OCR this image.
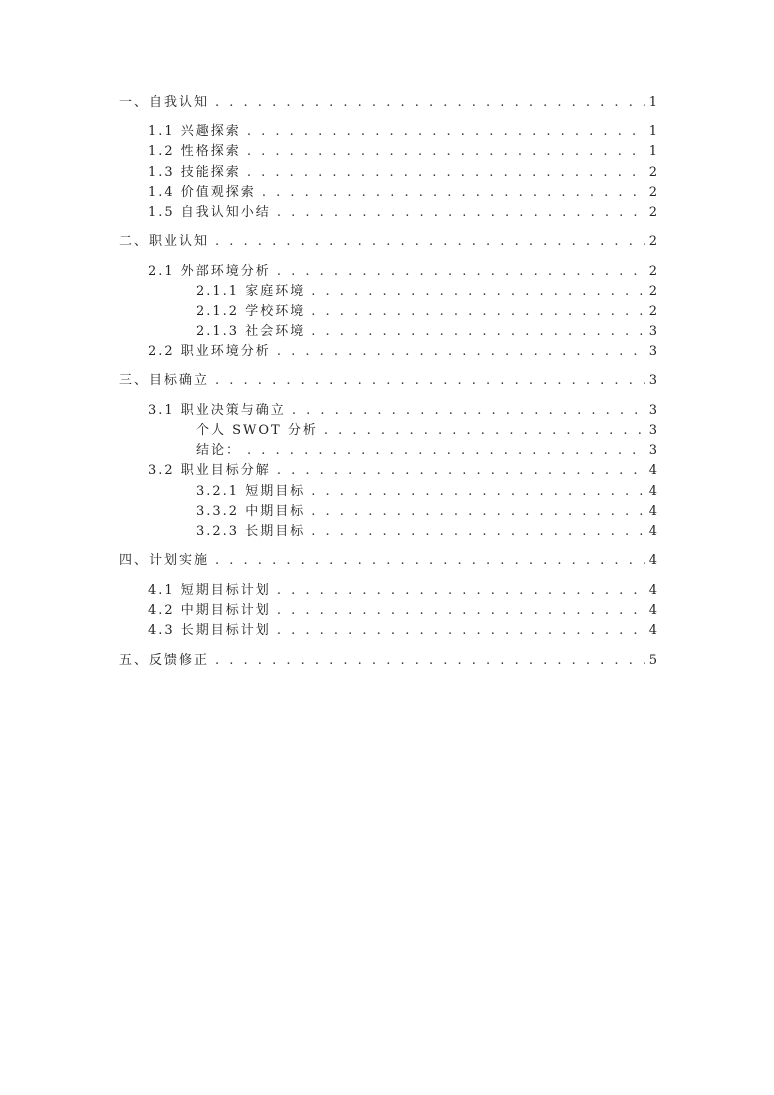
一、自我认知 . . .	1
1.1 兴趣探索 . . .	1
1.2 性格探索 . . .	1
1.3 技能探索 . . .	2
1.4 价值观探索 . . .	2
1.5 自我认知小结 . . .	2
二、职业认知 . . .	2
2.1 外部环境分析 . . .	2
2.1.1 家庭环境 . . .	2
2.1.2 学校环境 . . .	2
2.1.3 社会环境 . . .	3
2.2 职业环境分析 . . .	3
三、目标确立 . . .	3
3.1 职业决策与确立 . . .	3
个人 SWOT 分析 . . .	3
结论： . . .	3
3.2 职业目标分解 . . .	4
3.2.1 短期目标 . . .	4
3.3.2 中期目标 . . .	4
3.2.3 长期目标 . . .	4
四、计划实施 . . .	4
4.1 短期目标计划 . . .	4
4.2 中期目标计划 . . .	4
4.3 长期目标计划 . . .	4
五、反馈修正 . . .	5
